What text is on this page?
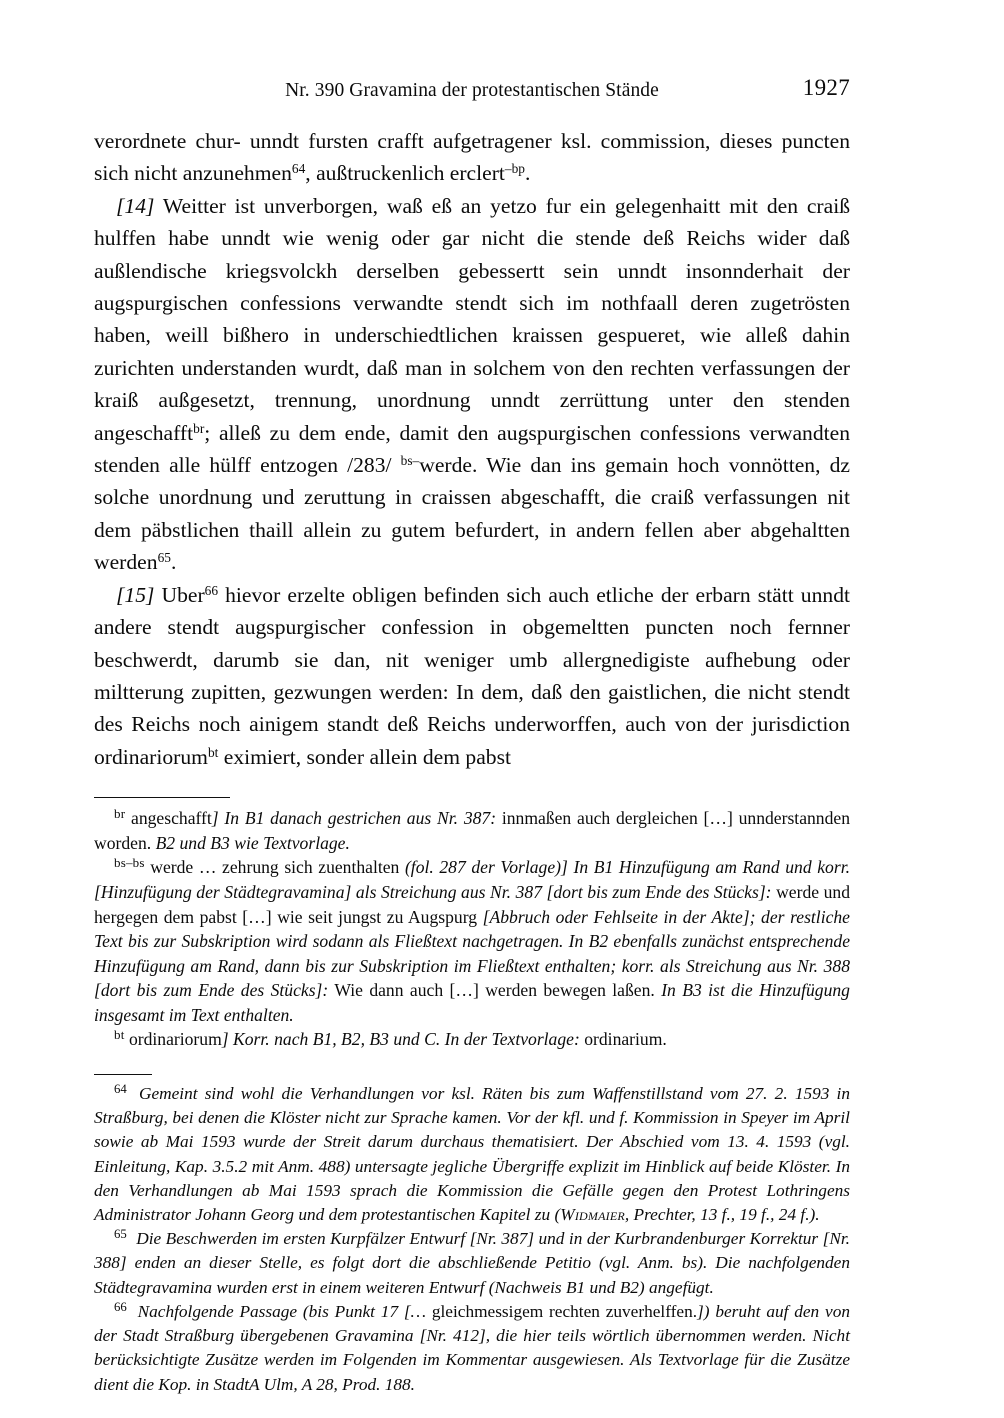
Nr. 390 Gravamina der protestantischen Stände	1927

verordnete chur- unndt fursten crafft aufgetragener ksl. commission, dieses puncten sich nicht anzunehmen$^{64}$, außtruckenlich erclert$^{-bp}$.

[14] Weitter ist unverborgen, waß eß an yetzo fur ein gelegenhaitt mit den craiß hulffen habe unndt wie wenig oder gar nicht die stende deß Reichs wider daß außlendische kriegsvolckh derselben gebessertt sein unndt insonnderhait der augspurgischen confessions verwandte stendt sich im nothfaall deren zugetrösten haben, weill bißhero in underschiedtlichen kraissen gespueret, wie alleß dahin zurichten understanden wurdt, daß man in solchem von den rechten verfassungen der kraiß außgesetzt, trennung, unordnung unndt zerrüttung unter den stenden angeschafft$^{br}$; alleß zu dem ende, damit den augspurgischen confessions verwandten stenden alle hülff entzogen /283/ $^{bs-}$werde. Wie dan ins gemain hoch vonnötten, dz solche unordnung und zeruttung in craissen abgeschafft, die craiß verfassungen nit dem päbstlichen thaill allein zu gutem befurdert, in andern fellen aber abgehaltten werden$^{65}$.

[15] Uber$^{66}$ hievor erzelte obligen befinden sich auch etliche der erbarn stätt unndt andere stendt augspurgischer confession in obgemeltten puncten noch fernner beschwerdt, darumb sie dan, nit weniger umb allergnedigiste aufhebung oder miltterung zupitten, gezwungen werden: In dem, daß den gaistlichen, die nicht stendt des Reichs noch ainigem standt deß Reichs underworffen, auch von der jurisdiction ordinariorum$^{bt}$ eximiert, sonder allein dem pabst

$^{br}$ angeschafft] In B1 danach gestrichen aus Nr. 387: innmaßen auch dergleichen […] unnderstannden worden. B2 und B3 wie Textvorlage.

$^{bs-bs}$ werde … zehrung sich zuenthalten (fol. 287 der Vorlage)] In B1 Hinzufügung am Rand und korr. [Hinzufügung der Städtegravamina] als Streichung aus Nr. 387 [dort bis zum Ende des Stücks]: werde und hergegen dem pabst […] wie seit jungst zu Augspurg [Abbruch oder Fehlseite in der Akte]; der restliche Text bis zur Subskription wird sodann als Fließtext nachgetragen. In B2 ebenfalls zunächst entsprechende Hinzufügung am Rand, dann bis zur Subskription im Fließtext enthalten; korr. als Streichung aus Nr. 388 [dort bis zum Ende des Stücks]: Wie dann auch […] werden bewegen laßen. In B3 ist die Hinzufügung insgesamt im Text enthalten.

$^{bt}$ ordinariorum] Korr. nach B1, B2, B3 und C. In der Textvorlage: ordinarium.

$^{64}$ Gemeint sind wohl die Verhandlungen vor ksl. Räten bis zum Waffenstillstand vom 27. 2. 1593 in Straßburg, bei denen die Klöster nicht zur Sprache kamen. Vor der kfl. und f. Kommission in Speyer im April sowie ab Mai 1593 wurde der Streit darum durchaus thematisiert. Der Abschied vom 13. 4. 1593 (vgl. Einleitung, Kap. 3.5.2 mit Anm. 488) untersagte jegliche Übergriffe explizit im Hinblick auf beide Klöster. In den Verhandlungen ab Mai 1593 sprach die Kommission die Gefälle gegen den Protest Lothringens Administrator Johann Georg und dem protestantischen Kapitel zu (Widmaier, Prechter, 13 f., 19 f., 24 f.).

$^{65}$ Die Beschwerden im ersten Kurpfälzer Entwurf [Nr. 387] und in der Kurbrandenburger Korrektur [Nr. 388] enden an dieser Stelle, es folgt dort die abschließende Petitio (vgl. Anm. bs). Die nachfolgenden Städtegravamina wurden erst in einem weiteren Entwurf (Nachweis B1 und B2) angefügt.

$^{66}$ Nachfolgende Passage (bis Punkt 17 [… gleichmessigem rechten zuverhelffen.]) beruht auf den von der Stadt Straßburg übergebenen Gravamina [Nr. 412], die hier teils wörtlich übernommen werden. Nicht berücksichtigte Zusätze werden im Folgenden im Kommentar ausgewiesen. Als Textvorlage für die Zusätze dient die Kop. in StadtA Ulm, A 28, Prod. 188.
